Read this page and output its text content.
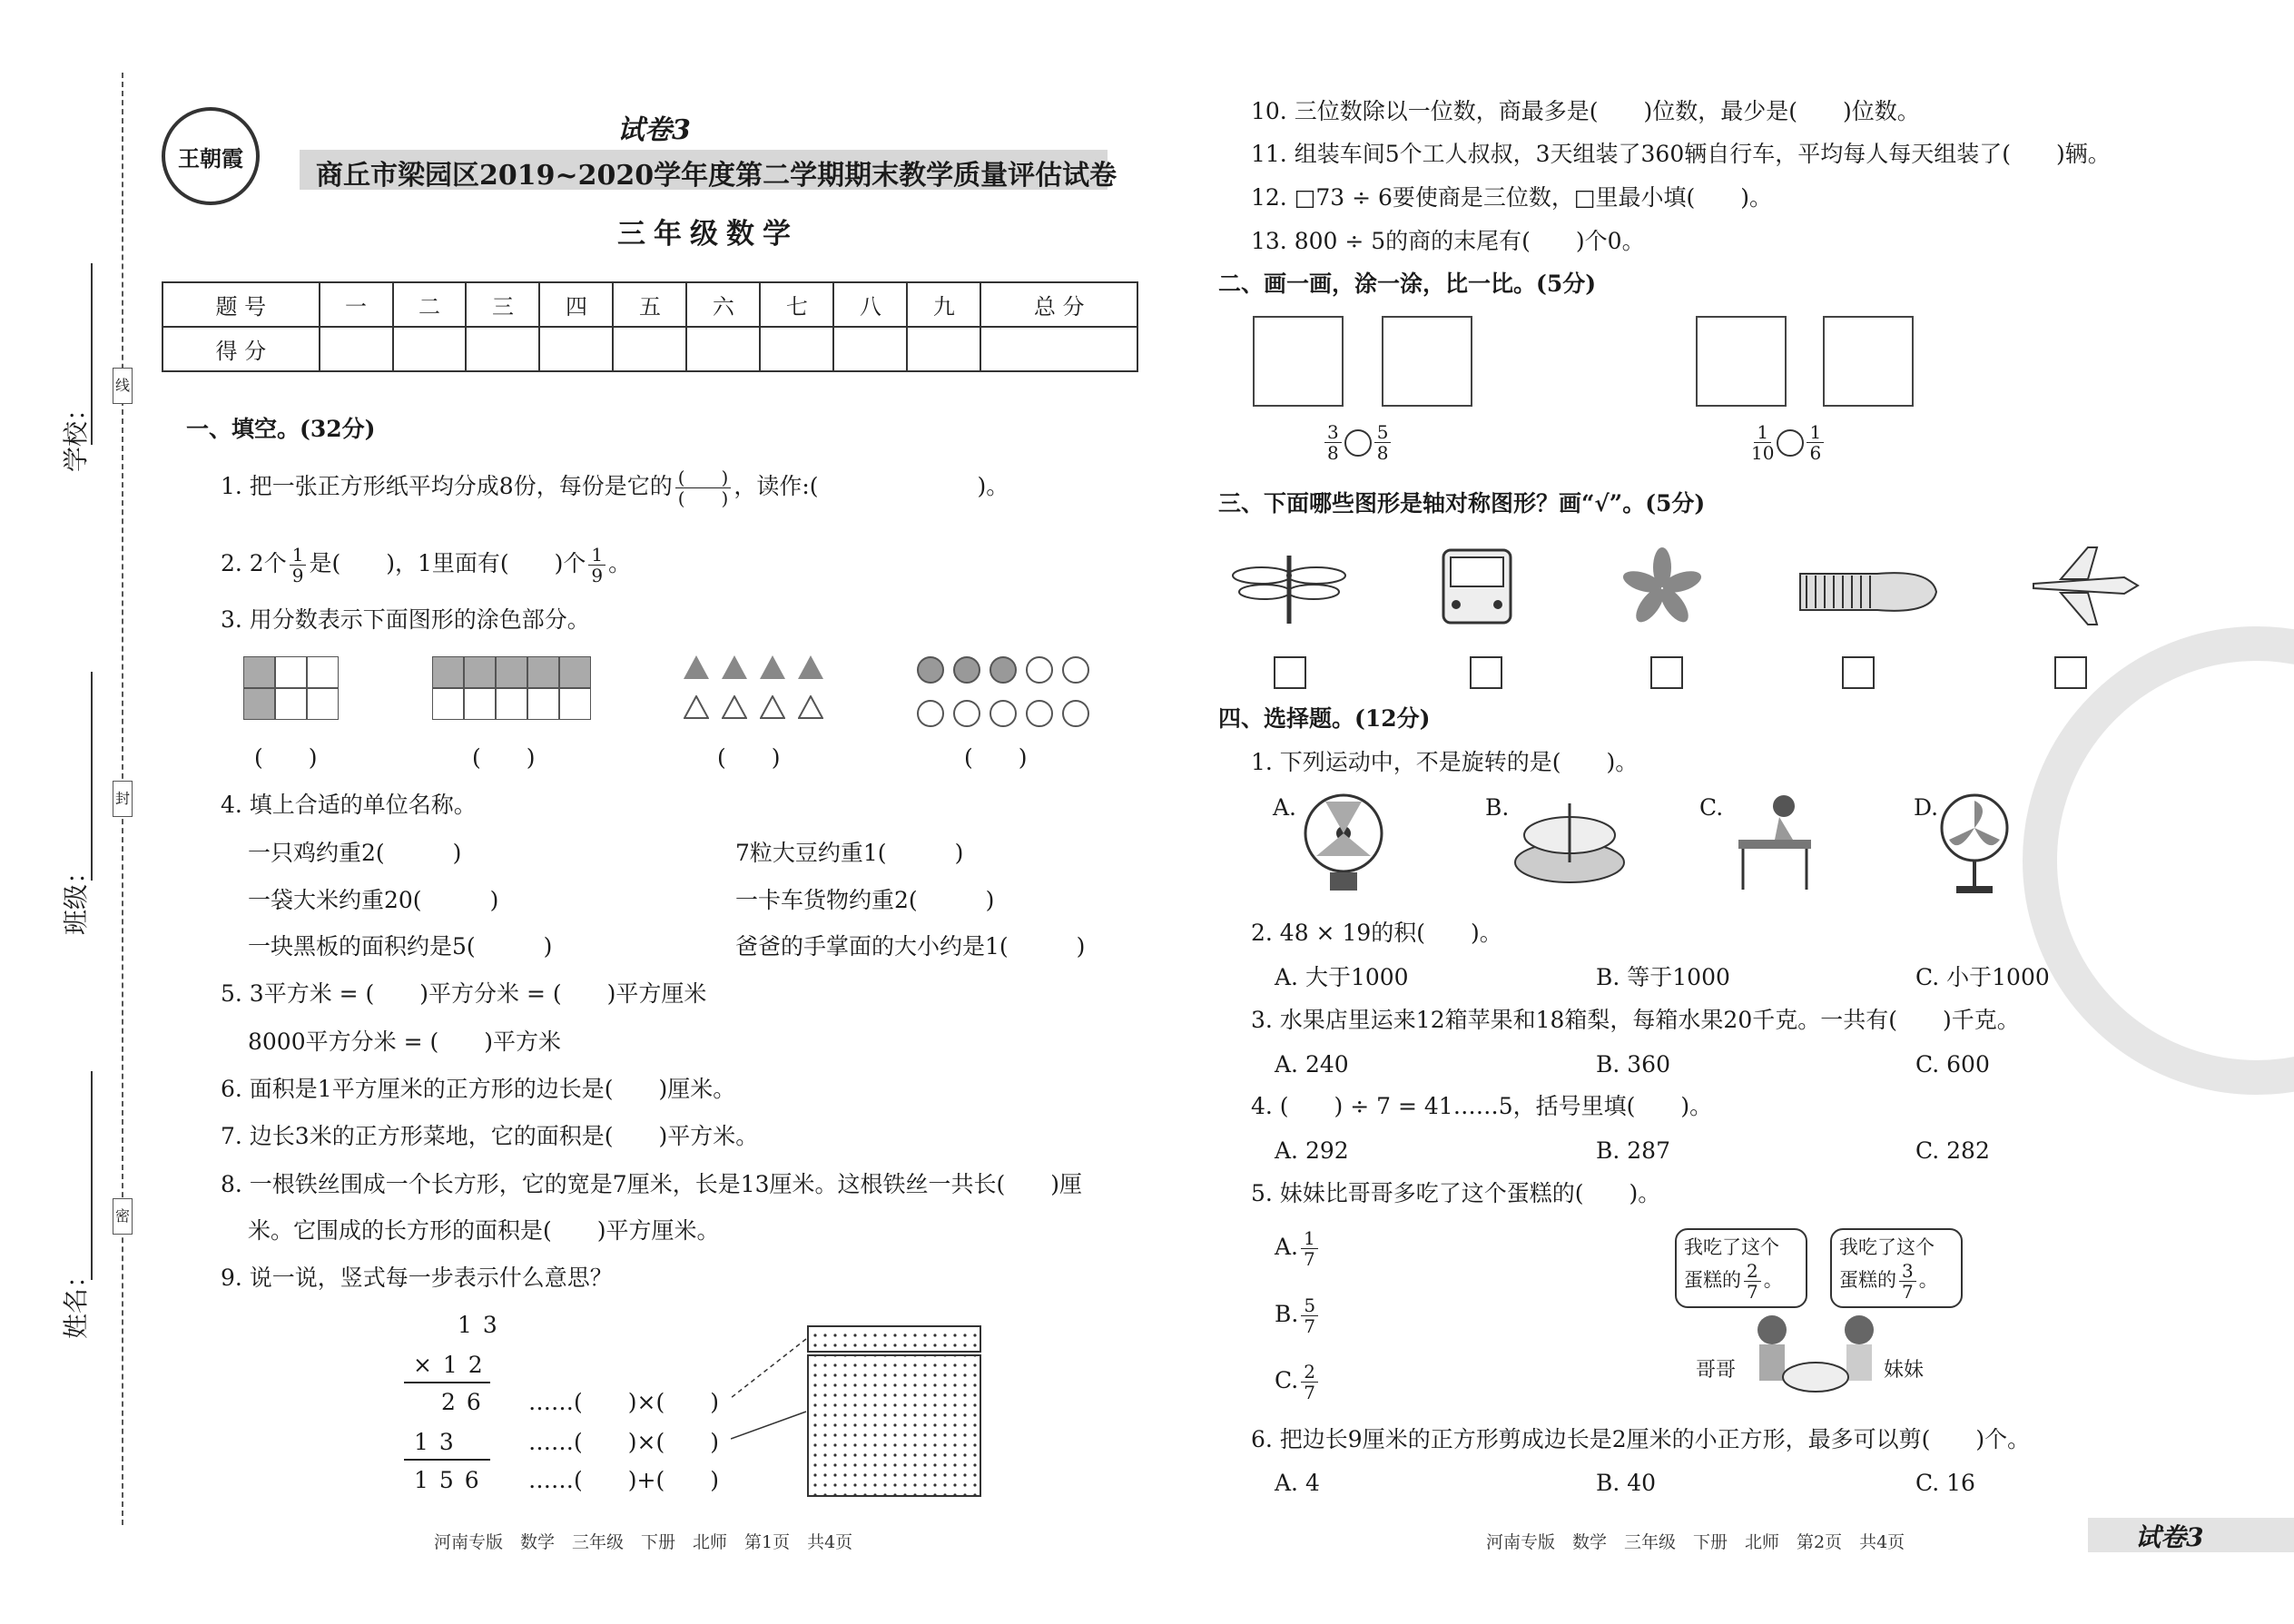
线
封
密
学校：
班级：
姓名：
王朝霞
试卷3
商丘市梁园区2019~2020学年度第二学期期末教学质量评估试卷
三年级数学
题 号	一	二	三	四	五	六	七	八	九	总 分
得 分										
一、填空。(32分)
1. 把一张正方形纸平均分成8份，每份是它的 $\frac{( )}{( )}$ ，读作:(　　　　　　　)。
2. 2个 $\frac{1}{9}$ 是(　　)，1里面有(　　)个 $\frac{1}{9}$ 。
3. 用分数表示下面图形的涂色部分。
(　　)	(　　)	(　　)	(　　)
4. 填上合适的单位名称。
一只鸡约重2(　　　)	7粒大豆约重1(　　　)
一袋大米约重20(　　　)	一卡车货物约重2(　　　)
一块黑板的面积约是5(　　　)	爸爸的手掌面的大小约是1(　　　)
5. 3平方米 = (　　)平方分米 = (　　)平方厘米
8000平方分米 = (　　)平方米
6. 面积是1平方厘米的正方形的边长是(　　)厘米。
7. 边长3米的正方形菜地，它的面积是(　　)平方米。
8. 一根铁丝围成一个长方形，它的宽是7厘米，长是13厘米。这根铁丝一共长(　　)厘
米。它围成的长方形的面积是(　　)平方厘米。
9. 说一说，竖式每一步表示什么意思？
1 3
× 1 2
2 6
1 3
1 5 6
……(　　)×(　　)
……(　　)×(　　)
……(　　)+(　　)
10. 三位数除以一位数，商最多是(　　)位数，最少是(　　)位数。
11. 组装车间5个工人叔叔，3天组装了360辆自行车，平均每人每天组装了(　　)辆。
12. □73 ÷ 6要使商是三位数，□里最小填(　　)。
13. 800 ÷ 5的商的末尾有(　　)个0。
二、画一画，涂一涂，比一比。(5分)
$\frac{3}{8} \frac{5}{8}$	$\frac{1}{10} \frac{1}{6}$
三、下面哪些图形是轴对称图形？画“√”。(5分)
四、选择题。(12分)
1. 下列运动中，不是旋转的是(　　)。
A.	B.	C.	D.
2. 48 × 19的积(　　)。
A. 大于1000	B. 等于1000	C. 小于1000
3. 水果店里运来12箱苹果和18箱梨，每箱水果20千克。一共有(　　)千克。
A. 240	B. 360	C. 600
4. (　　) ÷ 7 = 41……5，括号里填(　　)。
A. 292	B. 287	C. 282
5. 妹妹比哥哥多吃了这个蛋糕的(　　)。
A. $\frac{1}{7}$
B. $\frac{5}{7}$
C. $\frac{2}{7}$
我吃了这个
蛋糕的 $\frac{2}{7}$ 。
我吃了这个
蛋糕的 $\frac{3}{7}$ 。
哥哥	妹妹
6. 把边长9厘米的正方形剪成边长是2厘米的小正方形，最多可以剪(　　)个。
A. 4	B. 40	C. 16
河南专版　数学　三年级　下册　北师　第1页　共4页	河南专版　数学　三年级　下册　北师　第2页　共4页	试卷3
